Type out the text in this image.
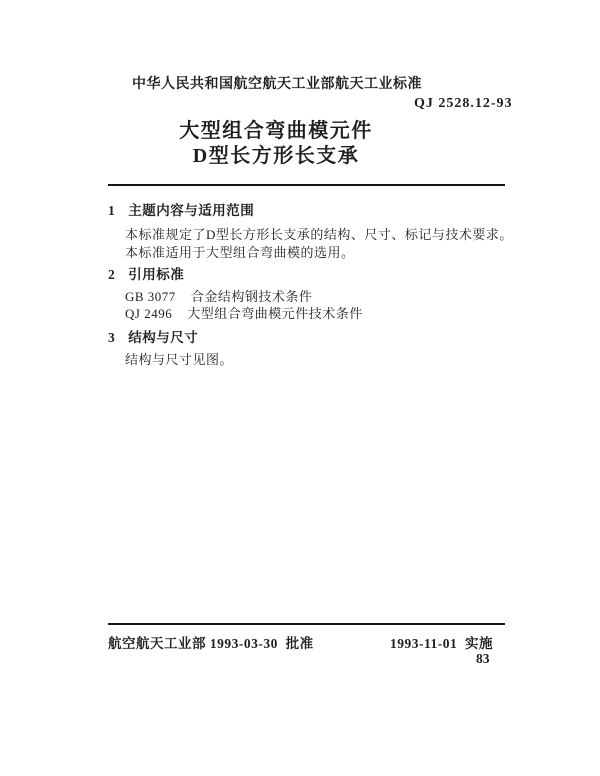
中华人民共和国航空航天工业部航天工业标准
QJ 2528.12-93
大型组合弯曲模元件
D型长方形长支承
1 主题内容与适用范围
本标准规定了D型长方形长支承的结构、尺寸、标记与技术要求。
本标准适用于大型组合弯曲模的选用。
2 引用标准
GB 3077 合金结构钢技术条件
QJ 2496 大型组合弯曲模元件技术条件
3 结构与尺寸
结构与尺寸见图。
航空航天工业部 1993-03-30  批准	1993-11-01  实施
83
